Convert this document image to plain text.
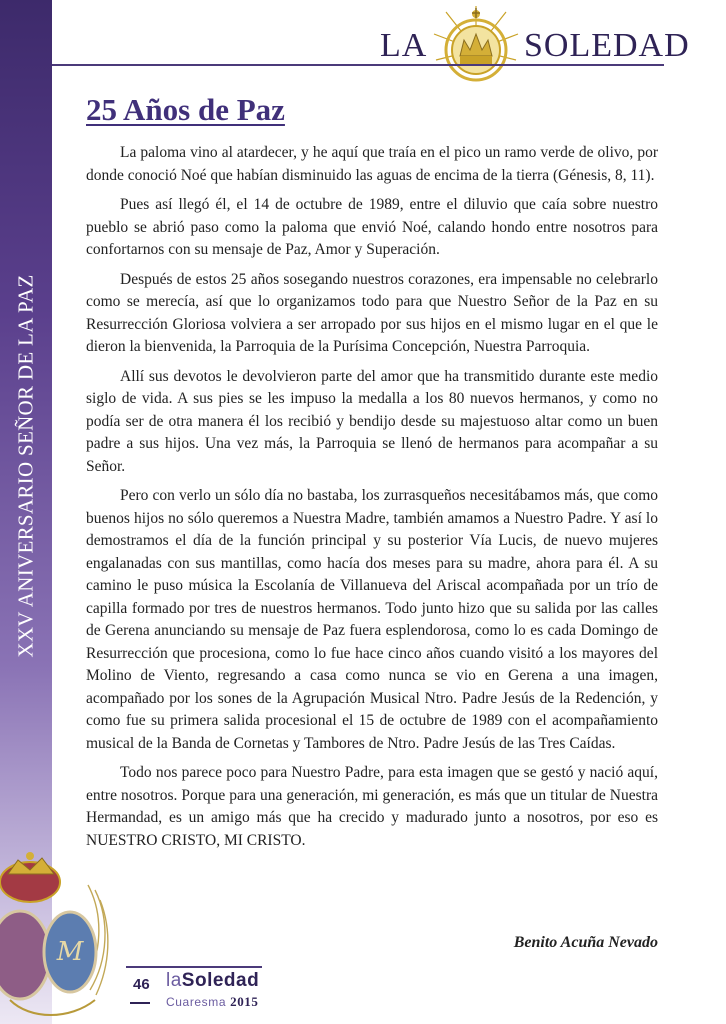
XXV ANIVERSARIO SEÑOR DE LA PAZ
M
LA	SOLEDAD
25 Años de Paz

La paloma vino al atardecer, y he aquí que traía en el pico un ramo verde de olivo, por donde conoció Noé que habían disminuido las aguas de encima de la tierra (Génesis, 8, 11).

Pues así llegó él, el 14 de octubre de 1989, entre el diluvio que caía sobre nuestro pueblo se abrió paso como la paloma que envió Noé, calando hondo entre nosotros para confortarnos con su mensaje de Paz, Amor y Superación.

Después de estos 25 años sosegando nuestros corazones, era impensable no celebrarlo como se merecía, así que lo organizamos todo para que Nuestro Señor de la Paz en su Resurrección Gloriosa volviera a ser arropado por sus hijos en el mismo lugar en el que le dieron la bienvenida, la Parroquia de la Purísima Concepción, Nuestra Parroquia.

Allí sus devotos le devolvieron parte del amor que ha transmitido durante este medio siglo de vida. A sus pies se les impuso la medalla a los 80 nuevos hermanos, y como no podía ser de otra manera él los recibió y bendijo desde su majestuoso altar como un buen padre a sus hijos. Una vez más, la Parroquia se llenó de hermanos para acompañar a su Señor.

Pero con verlo un sólo día no bastaba, los zurrasqueños necesitábamos más, que como buenos hijos no sólo queremos a Nuestra Madre, también amamos a Nuestro Padre. Y así lo demostramos el día de la función principal y su posterior Vía Lucis, de nuevo mujeres engalanadas con sus mantillas, como hacía dos meses para su madre, ahora para él. A su camino le puso música la Escolanía de Villanueva del Ariscal acompañada por un trío de capilla formado por tres de nuestros hermanos. Todo junto hizo que su salida por las calles de Gerena anunciando su mensaje de Paz fuera esplendorosa, como lo es cada Domingo de Resurrección que procesiona, como lo fue hace cinco años cuando visitó a los mayores del Molino de Viento, regresando a casa como nunca se vio en Gerena a una imagen, acompañado por los sones de la Agrupación Musical Ntro. Padre Jesús de la Redención, y como fue su primera salida procesional el 15 de octubre de 1989 con el acompañamiento musical de la Banda de Cornetas y Tambores de Ntro. Padre Jesús de las Tres Caídas.

Todo nos parece poco para Nuestro Padre, para esta imagen que se gestó y nació aquí, entre nosotros. Porque para una generación, mi generación, es más que un titular de Nuestra Hermandad, es un amigo más que ha crecido y madurado junto a nosotros, por eso es NUESTRO CRISTO, MI CRISTO.

Benito Acuña Nevado
46 laSoledad
Cuaresma 2015
